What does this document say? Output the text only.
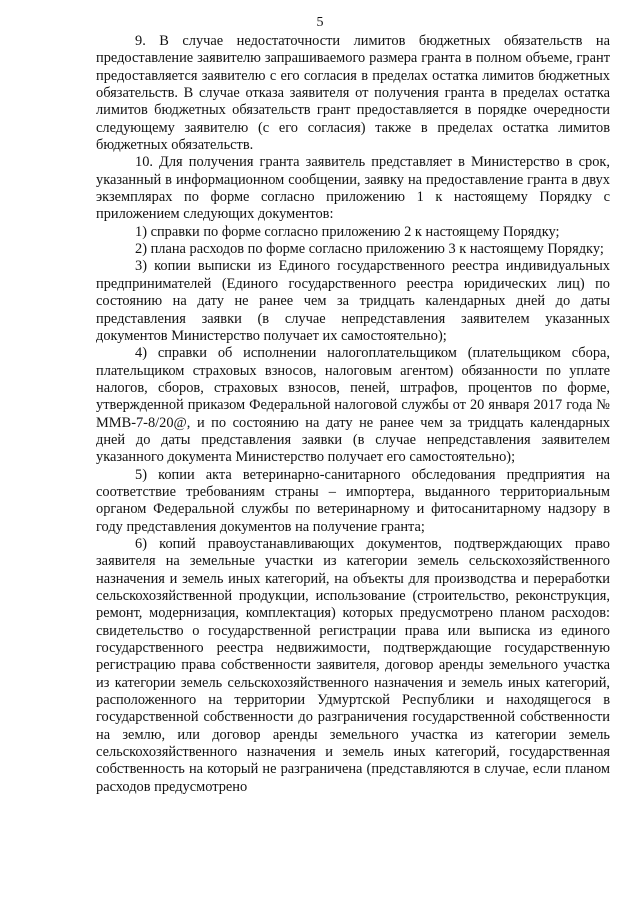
5

9. В случае недостаточности лимитов бюджетных обязательств на предоставление заявителю запрашиваемого размера гранта в полном объеме, грант предоставляется заявителю с его согласия в пределах остатка лимитов бюджетных обязательств. В случае отказа заявителя от получения гранта в пределах остатка лимитов бюджетных обязательств грант предоставляется в порядке очередности следующему заявителю (с его согласия) также в пределах остатка лимитов бюджетных обязательств.

10. Для получения гранта заявитель представляет в Министерство в срок, указанный в информационном сообщении, заявку на предоставление гранта в двух экземплярах по форме согласно приложению 1 к настоящему Порядку с приложением следующих документов:

1) справки по форме согласно приложению 2 к настоящему Порядку;

2) плана расходов по форме согласно приложению 3 к настоящему Порядку;

3) копии выписки из Единого государственного реестра индивидуальных предпринимателей (Единого государственного реестра юридических лиц) по состоянию на дату не ранее чем за тридцать календарных дней до даты представления заявки (в случае непредставления заявителем указанных документов Министерство получает их самостоятельно);

4) справки об исполнении налогоплательщиком (плательщиком сбора, плательщиком страховых взносов, налоговым агентом) обязанности по уплате налогов, сборов, страховых взносов, пеней, штрафов, процентов по форме, утвержденной приказом Федеральной налоговой службы от 20 января 2017 года № ММВ-7-8/20@, и по состоянию на дату не ранее чем за тридцать календарных дней до даты представления заявки (в случае непредставления заявителем указанного документа Министерство получает его самостоятельно);

5) копии акта ветеринарно-санитарного обследования предприятия на соответствие требованиям страны – импортера, выданного территориальным органом Федеральной службы по ветеринарному и фитосанитарному надзору в году представления документов на получение гранта;

6) копий правоустанавливающих документов, подтверждающих право заявителя на земельные участки из категории земель сельскохозяйственного назначения и земель иных категорий, на объекты для производства и переработки сельскохозяйственной продукции, использование (строительство, реконструкция, ремонт, модернизация, комплектация) которых предусмотрено планом расходов: свидетельство о государственной регистрации права или выписка из единого государственного реестра недвижимости, подтверждающие государственную регистрацию права собственности заявителя, договор аренды земельного участка из категории земель сельскохозяйственного назначения и земель иных категорий, расположенного на территории Удмуртской Республики и находящегося в государственной собственности до разграничения государственной собственности на землю, или договор аренды земельного участка из категории земель сельскохозяйственного назначения и земель иных категорий, государственная собственность на который не разграничена (представляются в случае, если планом расходов предусмотрено
